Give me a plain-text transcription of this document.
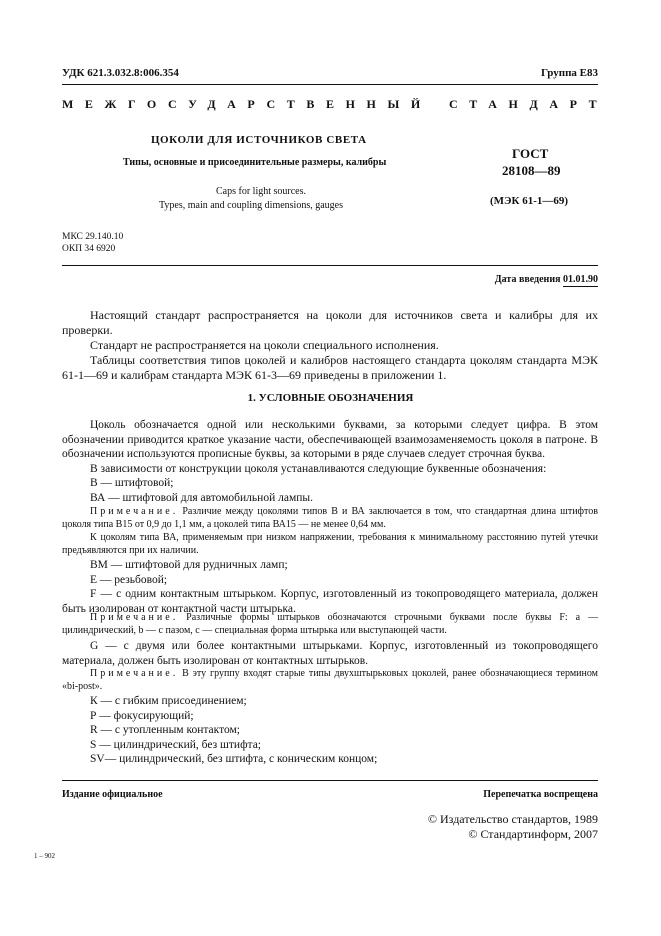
УДК 621.3.032.8:006.354	Группа Е83
МЕЖГОСУДАРСТВЕННЫЙ СТАНДАРТ
ЦОКОЛИ ДЛЯ ИСТОЧНИКОВ СВЕТА
Типы, основные и присоединительные размеры, калибры
Caps for light sources.
Types, main and coupling dimensions, gauges
ГОСТ
28108—89
(МЭК 61-1—69)
МКС 29.140.10
ОКП 34 6920
Дата введения 01.01.90

Настоящий стандарт распространяется на цоколи для источников света и калибры для их проверки.

Стандарт не распространяется на цоколи специального исполнения.

Таблицы соответствия типов цоколей и калибров настоящего стандарта цоколям стандарта МЭК 61-1—69 и калибрам стандарта МЭК 61-3—69 приведены в приложении 1.

1. УСЛОВНЫЕ ОБОЗНАЧЕНИЯ

Цоколь обозначается одной или несколькими буквами, за которыми следует цифра. В этом обозначении приводится краткое указание части, обеспечивающей взаимозаменяемость цоколя в патроне. В обозначении используются прописные буквы, за которыми в ряде случаев следует строчная буква.

В зависимости от конструкции цоколя устанавливаются следующие буквенные обозначения:

В — штифтовой;

ВА — штифтовой для автомобильной лампы.

Примечание. Различие между цоколями типов В и ВА заключается в том, что стандартная длина штифтов цоколя типа В15 от 0,9 до 1,1 мм, а цоколей типа ВА15 — не менее 0,64 мм.

К цоколям типа ВА, применяемым при низком напряжении, требования к минимальному расстоянию путей утечки предъявляются при их наличии.

ВМ — штифтовой для рудничных ламп;

Е — резьбовой;

F — с одним контактным штырьком. Корпус, изготовленный из токопроводящего материала, должен быть изолирован от контактной части штырька.

Примечание. Различные формы штырьков обозначаются строчными буквами после буквы F: a — цилиндрический, b — с пазом, c — специальная форма штырька или выступающей части.

G — с двумя или более контактными штырьками. Корпус, изготовленный из токопроводящего материала, должен быть изолирован от контактных штырьков.

Примечание. В эту группу входят старые типы двухштырьковых цоколей, ранее обозначающиеся термином «bi-post».

К — с гибким присоединением;

Р — фокусирующий;

R — с утопленным контактом;

S — цилиндрический, без штифта;

SV— цилиндрический, без штифта, с коническим концом;

Издание официальное	Перепечатка воспрещена
© Издательство стандартов, 1989
© Стандартинформ, 2007
1 – 902
